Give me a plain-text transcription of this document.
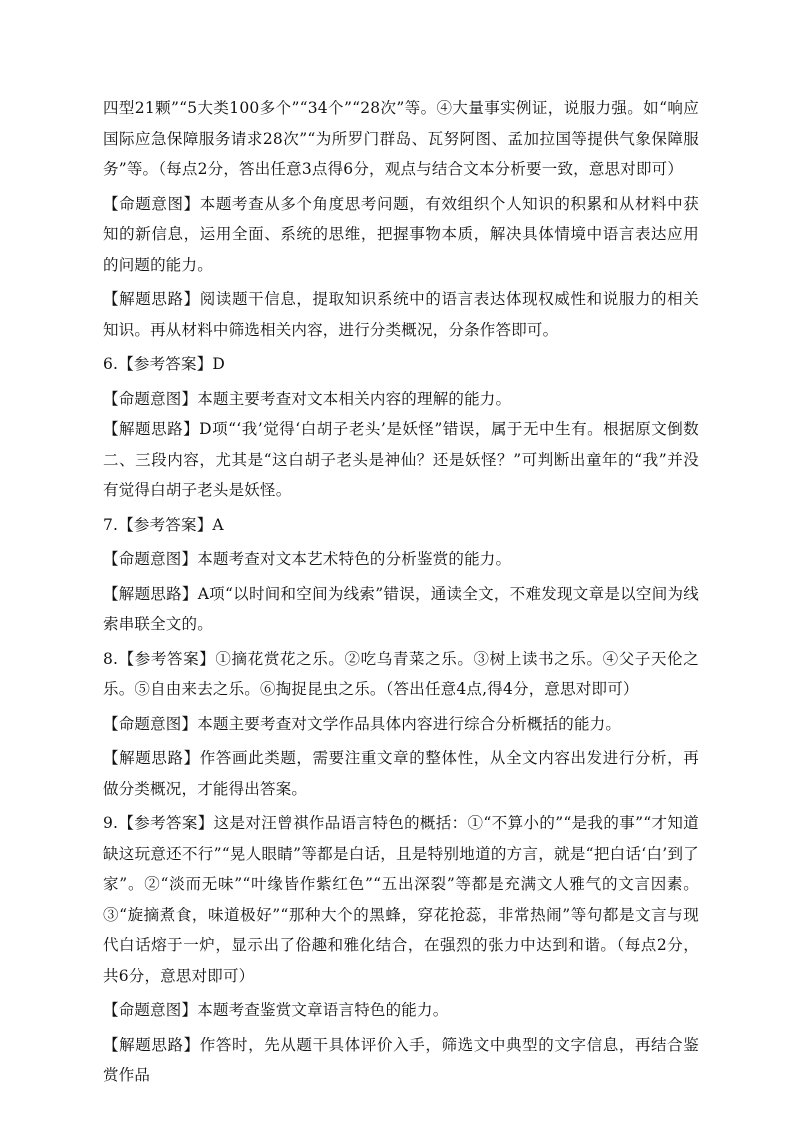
四型21颗”“5大类100多个”“34个”“28次”等。④大量事实例证，说服力强。如“响应国际应急保障服务请求28次”“为所罗门群岛、瓦努阿图、孟加拉国等提供气象保障服务”等。（每点2分，答出任意3点得6分，观点与结合文本分析要一致，意思对即可）

【命题意图】本题考查从多个角度思考问题，有效组织个人知识的积累和从材料中获知的新信息，运用全面、系统的思维，把握事物本质，解决具体情境中语言表达应用的问题的能力。

【解题思路】阅读题干信息，提取知识系统中的语言表达体现权威性和说服力的相关知识。再从材料中筛选相关内容，进行分类概况，分条作答即可。

6.【参考答案】D

【命题意图】本题主要考查对文本相关内容的理解的能力。

【解题思路】D项“‘我’觉得‘白胡子老头’是妖怪”错误，属于无中生有。根据原文倒数二、三段内容，尤其是“这白胡子老头是神仙？还是妖怪？”可判断出童年的“我”并没有觉得白胡子老头是妖怪。

7.【参考答案】A

【命题意图】本题考查对文本艺术特色的分析鉴赏的能力。

【解题思路】A项“以时间和空间为线索”错误，通读全文，不难发现文章是以空间为线索串联全文的。

8.【参考答案】①摘花赏花之乐。②吃乌青菜之乐。③树上读书之乐。④父子天伦之乐。⑤自由来去之乐。⑥掏捉昆虫之乐。（答出任意4点,得4分，意思对即可）

【命题意图】本题主要考查对文学作品具体内容进行综合分析概括的能力。

【解题思路】作答画此类题，需要注重文章的整体性，从全文内容出发进行分析，再做分类概况，才能得出答案。

9.【参考答案】这是对汪曾祺作品语言特色的概括：①“不算小的”“是我的事”“才知道缺这玩意还不行”“晃人眼睛”等都是白话，且是特别地道的方言，就是“把白话‘白’到了家”。②“淡而无味”“叶缘皆作紫红色”“五出深裂”等都是充满文人雅气的文言因素。③“旋摘煮食，味道极好”“那种大个的黑蜂，穿花抢蕊，非常热闹”等句都是文言与现代白话熔于一炉，显示出了俗趣和雅化结合，在强烈的张力中达到和谐。（每点2分，共6分，意思对即可）

【命题意图】本题考查鉴赏文章语言特色的能力。

【解题思路】作答时，先从题干具体评价入手，筛选文中典型的文字信息，再结合鉴赏作品
